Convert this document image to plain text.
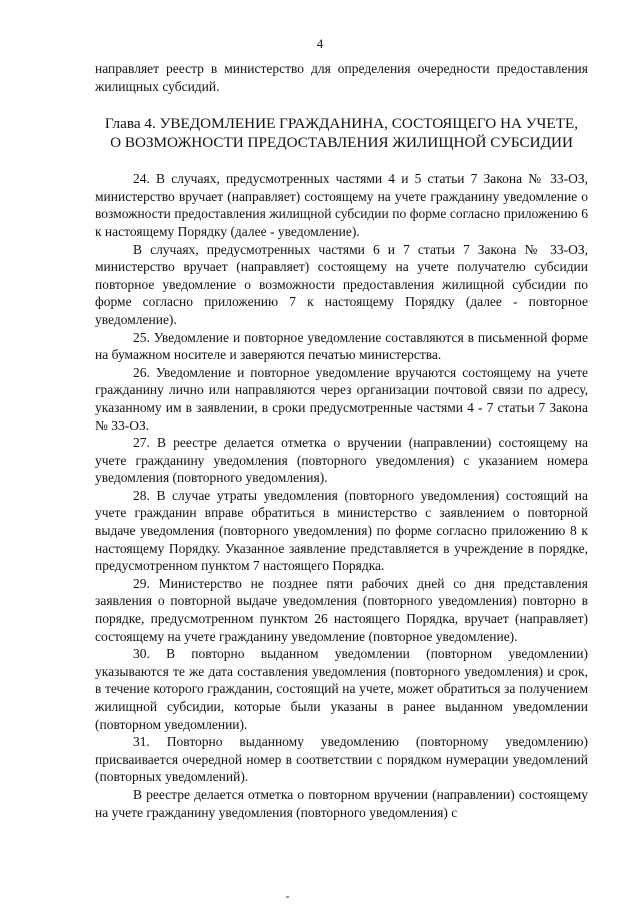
4

направляет реестр в министерство для определения очередности предоставления жилищных субсидий.

Глава 4. УВЕДОМЛЕНИЕ ГРАЖДАНИНА, СОСТОЯЩЕГО НА УЧЕТЕ,
О ВОЗМОЖНОСТИ ПРЕДОСТАВЛЕНИЯ ЖИЛИЩНОЙ СУБСИДИИ

24. В случаях, предусмотренных частями 4 и 5 статьи 7 Закона № 33-ОЗ, министерство вручает (направляет) состоящему на учете гражданину уведомление о возможности предоставления жилищной субсидии по форме согласно приложению 6 к настоящему Порядку (далее - уведомление).

В случаях, предусмотренных частями 6 и 7 статьи 7 Закона № 33-ОЗ, министерство вручает (направляет) состоящему на учете получателю субсидии повторное уведомление о возможности предоставления жилищной субсидии по форме согласно приложению 7 к настоящему Порядку (далее - повторное уведомление).

25. Уведомление и повторное уведомление составляются в письменной форме на бумажном носителе и заверяются печатью министерства.

26. Уведомление и повторное уведомление вручаются состоящему на учете гражданину лично или направляются через организации почтовой связи по адресу, указанному им в заявлении, в сроки предусмотренные частями 4 - 7 статьи 7 Закона № 33-ОЗ.

27. В реестре делается отметка о вручении (направлении) состоящему на учете гражданину уведомления (повторного уведомления) с указанием номера уведомления (повторного уведомления).

28. В случае утраты уведомления (повторного уведомления) состоящий на учете гражданин вправе обратиться в министерство с заявлением о повторной выдаче уведомления (повторного уведомления) по форме согласно приложению 8 к настоящему Порядку. Указанное заявление представляется в учреждение в порядке, предусмотренном пунктом 7 настоящего Порядка.

29. Министерство не позднее пяти рабочих дней со дня представления заявления о повторной выдаче уведомления (повторного уведомления) повторно в порядке, предусмотренном пунктом 26 настоящего Порядка, вручает (направляет) состоящему на учете гражданину уведомление (повторное уведомление).

30. В повторно выданном уведомлении (повторном уведомлении) указываются те же дата составления уведомления (повторного уведомления) и срок, в течение которого гражданин, состоящий на учете, может обратиться за получением жилищной субсидии, которые были указаны в ранее выданном уведомлении (повторном уведомлении).

31. Повторно выданному уведомлению (повторному уведомлению) присваивается очередной номер в соответствии с порядком нумерации уведомлений (повторных уведомлений).

В реестре делается отметка о повторном вручении (направлении) состоящему на учете гражданину уведомления (повторного уведомления) с
